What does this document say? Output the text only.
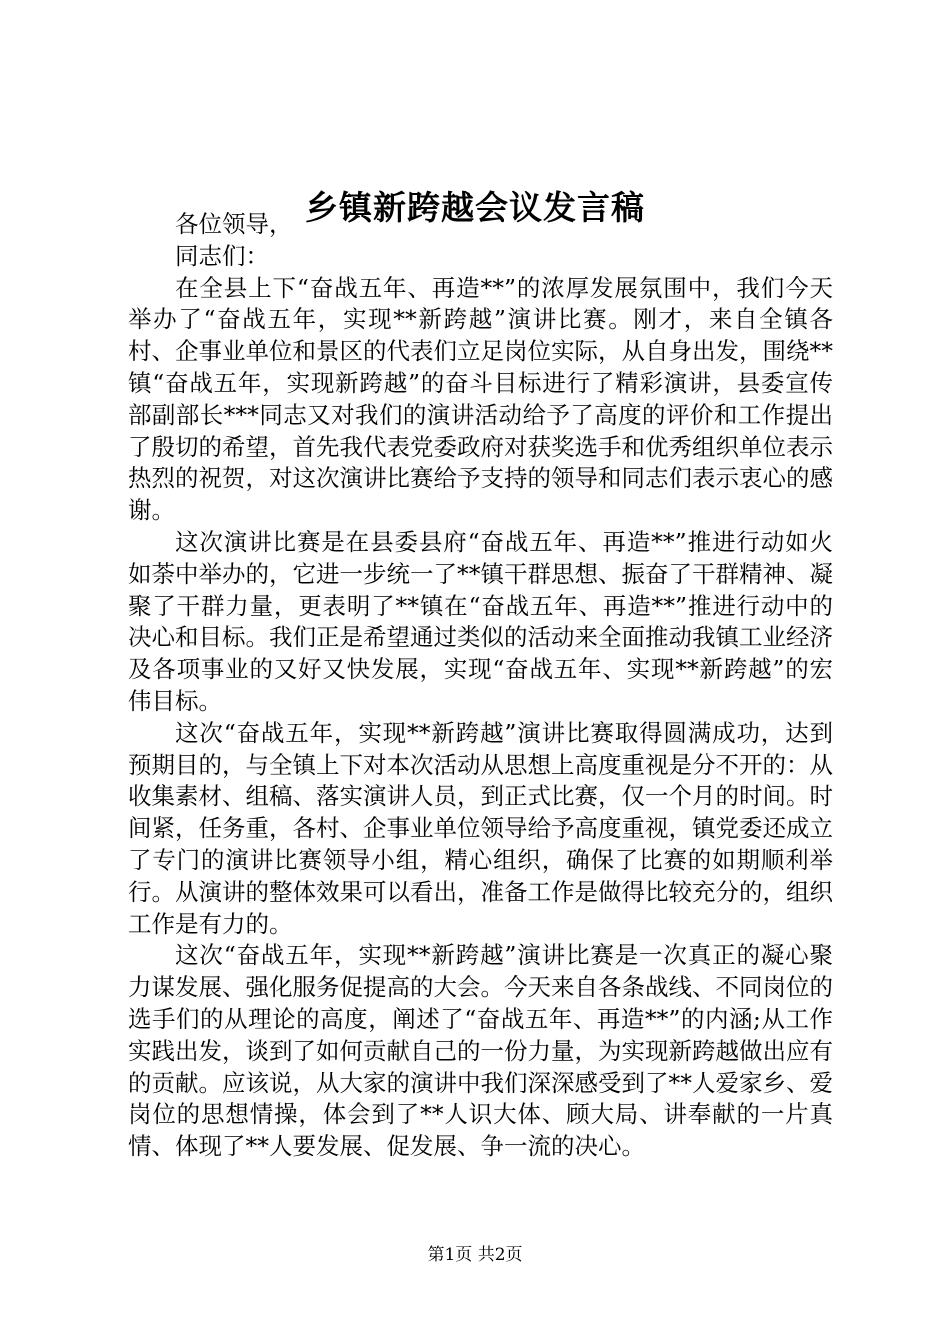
乡镇新跨越会议发言稿

各位领导，

同志们：

在全县上下“奋战五年、再造**”的浓厚发展氛围中，我们今天举办了“奋战五年，实现**新跨越”演讲比赛。刚才，来自全镇各村、企事业单位和景区的代表们立足岗位实际，从自身出发，围绕**镇“奋战五年，实现新跨越”的奋斗目标进行了精彩演讲，县委宣传部副部长***同志又对我们的演讲活动给予了高度的评价和工作提出了殷切的希望，首先我代表党委政府对获奖选手和优秀组织单位表示热烈的祝贺，对这次演讲比赛给予支持的领导和同志们表示衷心的感谢。

这次演讲比赛是在县委县府“奋战五年、再造**”推进行动如火如荼中举办的，它进一步统一了**镇干群思想、振奋了干群精神、凝聚了干群力量，更表明了**镇在“奋战五年、再造**”推进行动中的决心和目标。我们正是希望通过类似的活动来全面推动我镇工业经济及各项事业的又好又快发展，实现“奋战五年、实现**新跨越”的宏伟目标。

这次“奋战五年，实现**新跨越”演讲比赛取得圆满成功，达到预期目的，与全镇上下对本次活动从思想上高度重视是分不开的：从收集素材、组稿、落实演讲人员，到正式比赛，仅一个月的时间。时间紧，任务重，各村、企事业单位领导给予高度重视，镇党委还成立了专门的演讲比赛领导小组，精心组织，确保了比赛的如期顺利举行。从演讲的整体效果可以看出，准备工作是做得比较充分的，组织工作是有力的。

这次“奋战五年，实现**新跨越”演讲比赛是一次真正的凝心聚力谋发展、强化服务促提高的大会。今天来自各条战线、不同岗位的选手们的从理论的高度，阐述了“奋战五年、再造**”的内涵;从工作实践出发，谈到了如何贡献自己的一份力量，为实现新跨越做出应有的贡献。应该说，从大家的演讲中我们深深感受到了**人爱家乡、爱岗位的思想情操，体会到了**人识大体、顾大局、讲奉献的一片真情、体现了**人要发展、促发展、争一流的决心。

第1页 共2页
